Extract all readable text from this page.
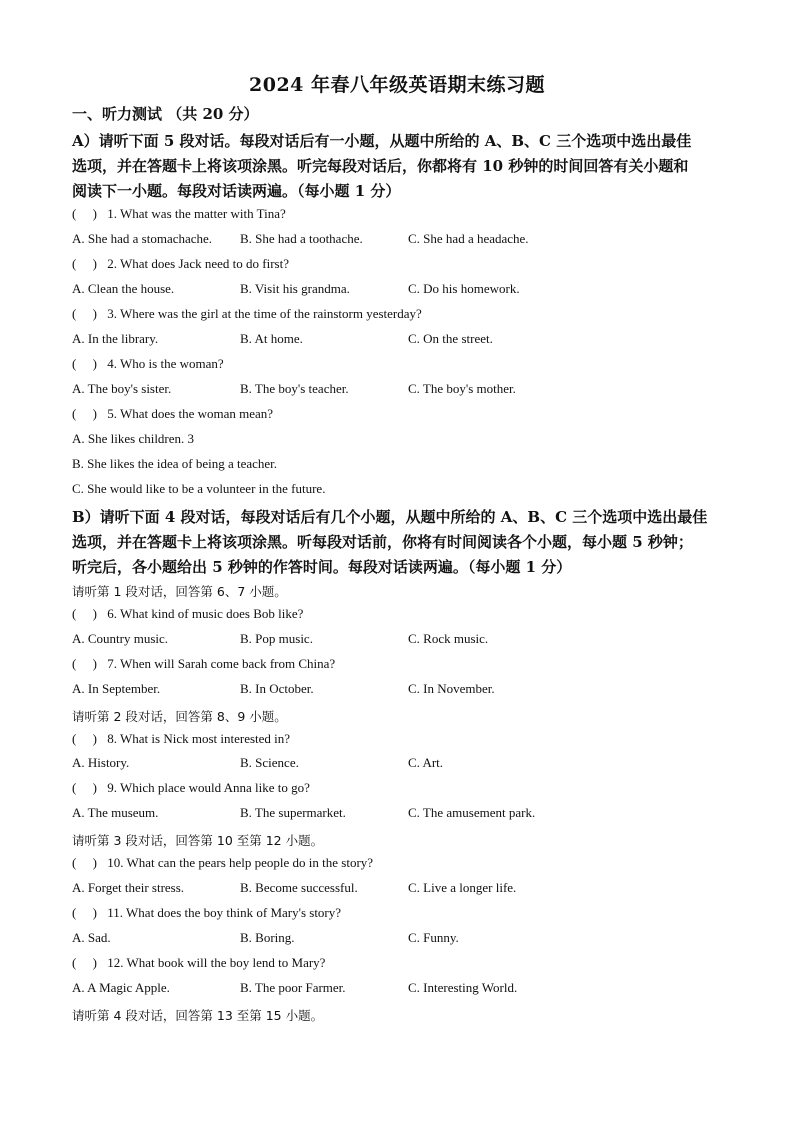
2024 年春八年级英语期末练习题
一、听力测试 （共 20 分）
A）请听下面 5 段对话。每段对话后有一小题，从题中所给的 A、B、C 三个选项中选出最佳
选项，并在答题卡上将该项涂黑。听完每段对话后，你都将有 10 秒钟的时间回答有关小题和
阅读下一小题。每段对话读两遍。（每小题 1 分）
( ) 1. What was the matter with Tina?
A. She had a stomachache. B. She had a toothache.	C. She had a headache.
( ) 2. What does Jack need to do first?
A. Clean the house.	B. Visit his grandma.	C. Do his homework.
( ) 3. Where was the girl at the time of the rainstorm yesterday?
A. In the library.	B. At home.	C. On the street.
( ) 4. Who is the woman?
A. The boy's sister.	B. The boy's teacher.	C. The boy's mother.
( ) 5. What does the woman mean?
A. She likes children. 3
B. She likes the idea of being a teacher.
C. She would like to be a volunteer in the future.
B）请听下面 4 段对话，每段对话后有几个小题，从题中所给的 A、B、C 三个选项中选出最佳
选项，并在答题卡上将该项涂黑。听每段对话前，你将有时间阅读各个小题，每小题 5 秒钟；
听完后，各小题给出 5 秒钟的作答时间。每段对话读两遍。（每小题 1 分）
请听第 1 段对话，回答第 6、7 小题。
( ) 6. What kind of music does Bob like?
A. Country music.	B. Pop music.	C. Rock music.
( ) 7. When will Sarah come back from China?
A. In September.	B. In October.	C. In November.
请听第 2 段对话，回答第 8、9 小题。
( ) 8. What is Nick most interested in?
A. History.	B. Science.	C. Art.
( ) 9. Which place would Anna like to go?
A. The museum.	B. The supermarket.	C. The amusement park.
请听第 3 段对话，回答第 10 至第 12 小题。
( ) 10. What can the pears help people do in the story?
A. Forget their stress.	B. Become successful.	C. Live a longer life.
( ) 11. What does the boy think of Mary's story?
A. Sad.	B. Boring.	C. Funny.
( ) 12. What book will the boy lend to Mary?
A. A Magic Apple.	B. The poor Farmer.	C. Interesting World.
请听第 4 段对话，回答第 13 至第 15 小题。
